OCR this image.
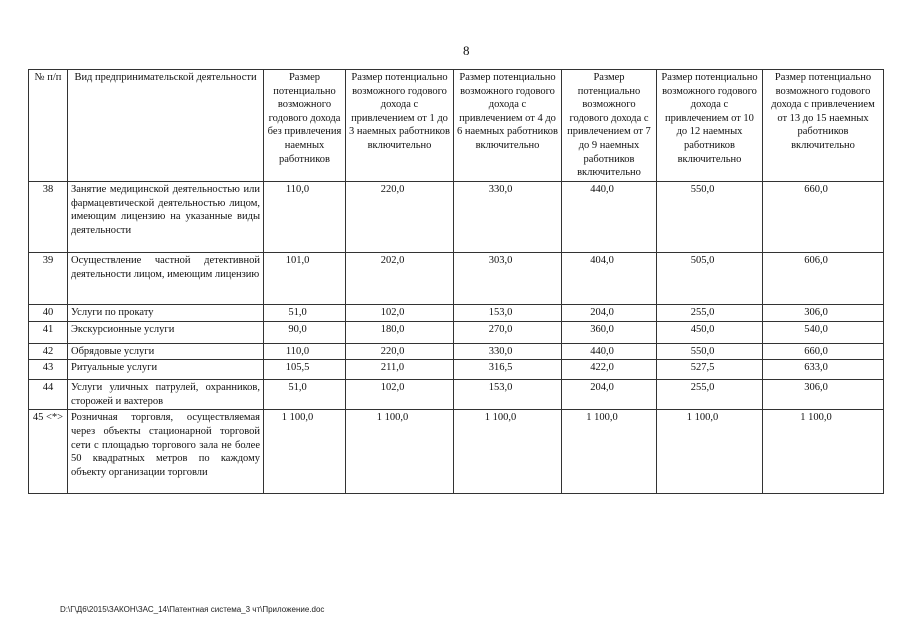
8
№ п/п	Вид предпринимательской деятельности	Размер потенциально возможного годового дохода без привлечения наемных работников	Размер потенциально возможного годового дохода с привлечением от 1 до 3 наемных работников включительно	Размер потенциально возможного годового дохода с привлечением от 4 до 6 наемных работников включительно	Размер потенциально возможного годового дохода с привлечением от 7 до 9 наемных работников включительно	Размер потенциально возможного годового дохода с привлечением от 10 до 12 наемных работников включительно	Размер потенциально возможного годового дохода с привлечением от 13 до 15 наемных работников включительно
38	Занятие медицинской деятельностью или фармацевтической деятельностью лицом, имеющим лицензию на указанные виды деятельности	110,0	220,0	330,0	440,0	550,0	660,0
39	Осуществление частной детективной деятельности лицом, имеющим лицензию	101,0	202,0	303,0	404,0	505,0	606,0
40	Услуги по прокату	51,0	102,0	153,0	204,0	255,0	306,0
41	Экскурсионные услуги	90,0	180,0	270,0	360,0	450,0	540,0
42	Обрядовые услуги	110,0	220,0	330,0	440,0	550,0	660,0
43	Ритуальные услуги	105,5	211,0	316,5	422,0	527,5	633,0
44	Услуги уличных патрулей, охранников, сторожей и вахтеров	51,0	102,0	153,0	204,0	255,0	306,0
45 <*>	Розничная торговля, осуществляемая через объекты стационарной торговой сети с площадью торгового зала не более 50 квадратных метров по каждому объекту организации торговли	1 100,0	1 100,0	1 100,0	1 100,0	1 100,0	1 100,0
D:\Г\Д6\2015\ЗАКОН\ЗАС_14\Патентная система_3 чт\Приложение.doc
